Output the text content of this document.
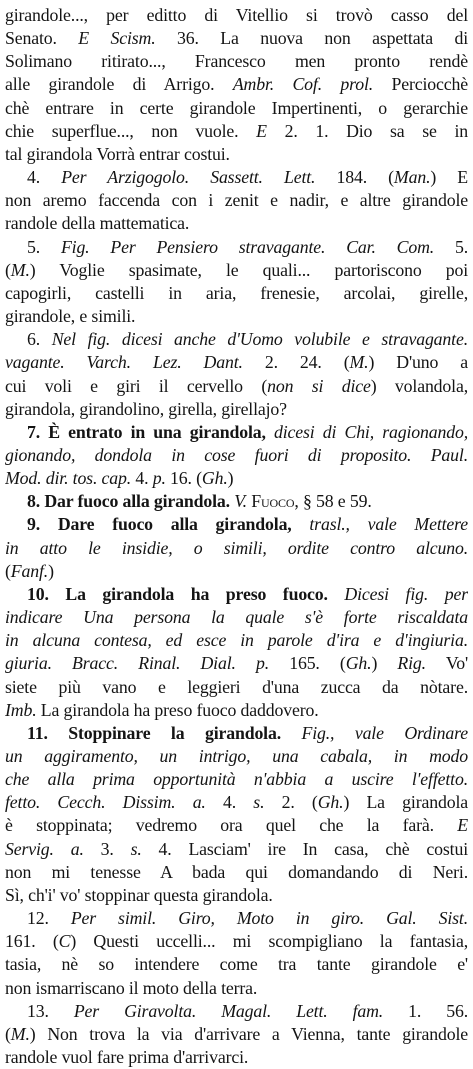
girandole..., per editto di Vitellio si trovò casso del
Senato. E Scism. 36. La nuova non aspettata di
Solimano ritirato..., Francesco men pronto rendè
alle girandole di Arrigo. Ambr. Cof. prol. Perciocchè
chè entrare in certe girandole Impertinenti, o gerarchie
chie superflue..., non vuole. E 2. 1. Dio sa se in
tal girandola Vorrà entrar costui.
4. Per Arzigogolo. Sassett. Lett. 184. (Man.) E
non aremo faccenda con i zenit e nadir, e altre girandole
randole della mattematica.
5. Fig. Per Pensiero stravagante. Car. Com. 5.
(M.) Voglie spasimate, le quali... partoriscono poi
capogirli, castelli in aria, frenesie, arcolai, girelle,
girandole, e simili.
6. Nel fig. dicesi anche d'Uomo volubile e stravagante.
vagante. Varch. Lez. Dant. 2. 24. (M.) D'uno a
cui voli e giri il cervello (non si dice) volandola,
girandola, girandolino, girella, girellajo?
7. È entrato in una girandola, dicesi di Chi, ragionando,
gionando, dondola in cose fuori di proposito. Paul.
Mod. dir. tos. cap. 4. p. 16. (Gh.)
8. Dar fuoco alla girandola. V. Fuoco, § 58 e 59.
9. Dare fuoco alla girandola, trasl., vale Mettere
in atto le insidie, o simili, ordite contro alcuno.
(Fanf.)
10. La girandola ha preso fuoco. Dicesi fig. per
indicare Una persona la quale s'è forte riscaldata
in alcuna contesa, ed esce in parole d'ira e d'ingiuria.
giuria. Bracc. Rinal. Dial. p. 165. (Gh.) Rig. Vo'
siete più vano e leggieri d'una zucca da nòtare.
Imb. La girandola ha preso fuoco daddovero.
11. Stoppinare la girandola. Fig., vale Ordinare
un aggiramento, un intrigo, una cabala, in modo
che alla prima opportunità n'abbia a uscire l'effetto.
fetto. Cecch. Dissim. a. 4. s. 2. (Gh.) La girandola
è stoppinata; vedremo ora quel che la farà. E
Servig. a. 3. s. 4. Lasciam' ire In casa, chè costui
non mi tenesse A bada qui domandando di Neri.
Sì, ch'i' vo' stoppinar questa girandola.
12. Per simil. Giro, Moto in giro. Gal. Sist.
161. (C) Questi uccelli... mi scompigliano la fantasia,
tasia, nè so intendere come tra tante girandole e'
non ismarriscano il moto della terra.
13. Per Giravolta. Magal. Lett. fam. 1. 56.
(M.) Non trova la via d'arrivare a Vienna, tante girandole
randole vuol fare prima d'arrivarci.
